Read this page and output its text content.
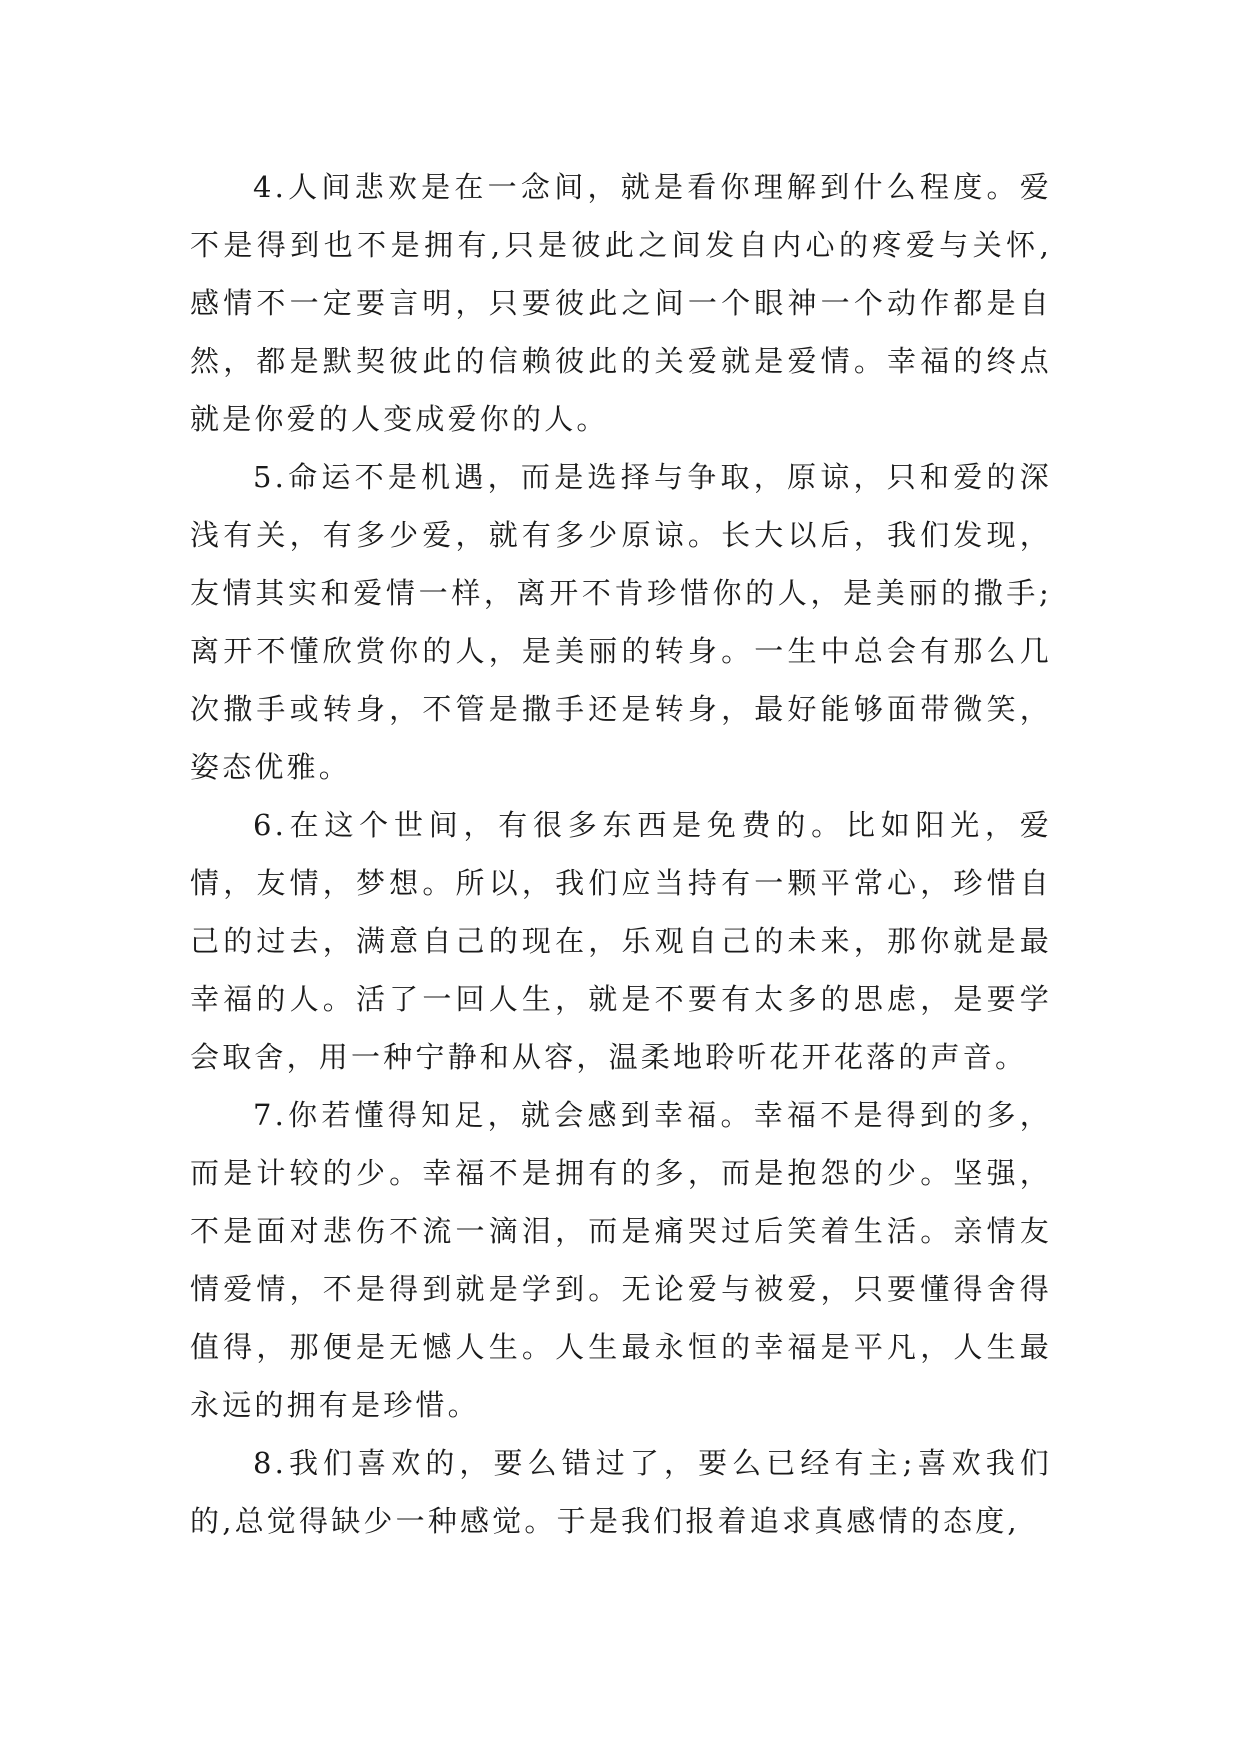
4.人间悲欢是在一念间，就是看你理解到什么程度。爱不是得到也不是拥有,只是彼此之间发自内心的疼爱与关怀,感情不一定要言明，只要彼此之间一个眼神一个动作都是自然，都是默契彼此的信赖彼此的关爱就是爱情。幸福的终点就是你爱的人变成爱你的人。

5.命运不是机遇，而是选择与争取，原谅，只和爱的深浅有关，有多少爱，就有多少原谅。长大以后，我们发现，友情其实和爱情一样，离开不肯珍惜你的人，是美丽的撒手;离开不懂欣赏你的人，是美丽的转身。一生中总会有那么几次撒手或转身，不管是撒手还是转身，最好能够面带微笑，姿态优雅。

6.在这个世间，有很多东西是免费的。比如阳光，爱情，友情，梦想。所以，我们应当持有一颗平常心，珍惜自己的过去，满意自己的现在，乐观自己的未来，那你就是最幸福的人。活了一回人生，就是不要有太多的思虑，是要学会取舍，用一种宁静和从容，温柔地聆听花开花落的声音。

7.你若懂得知足，就会感到幸福。幸福不是得到的多，而是计较的少。幸福不是拥有的多，而是抱怨的少。坚强，不是面对悲伤不流一滴泪，而是痛哭过后笑着生活。亲情友情爱情，不是得到就是学到。无论爱与被爱，只要懂得舍得值得，那便是无憾人生。人生最永恒的幸福是平凡，人生最永远的拥有是珍惜。

8.我们喜欢的，要么错过了，要么已经有主;喜欢我们的,总觉得缺少一种感觉。于是我们报着追求真感情的态度,
